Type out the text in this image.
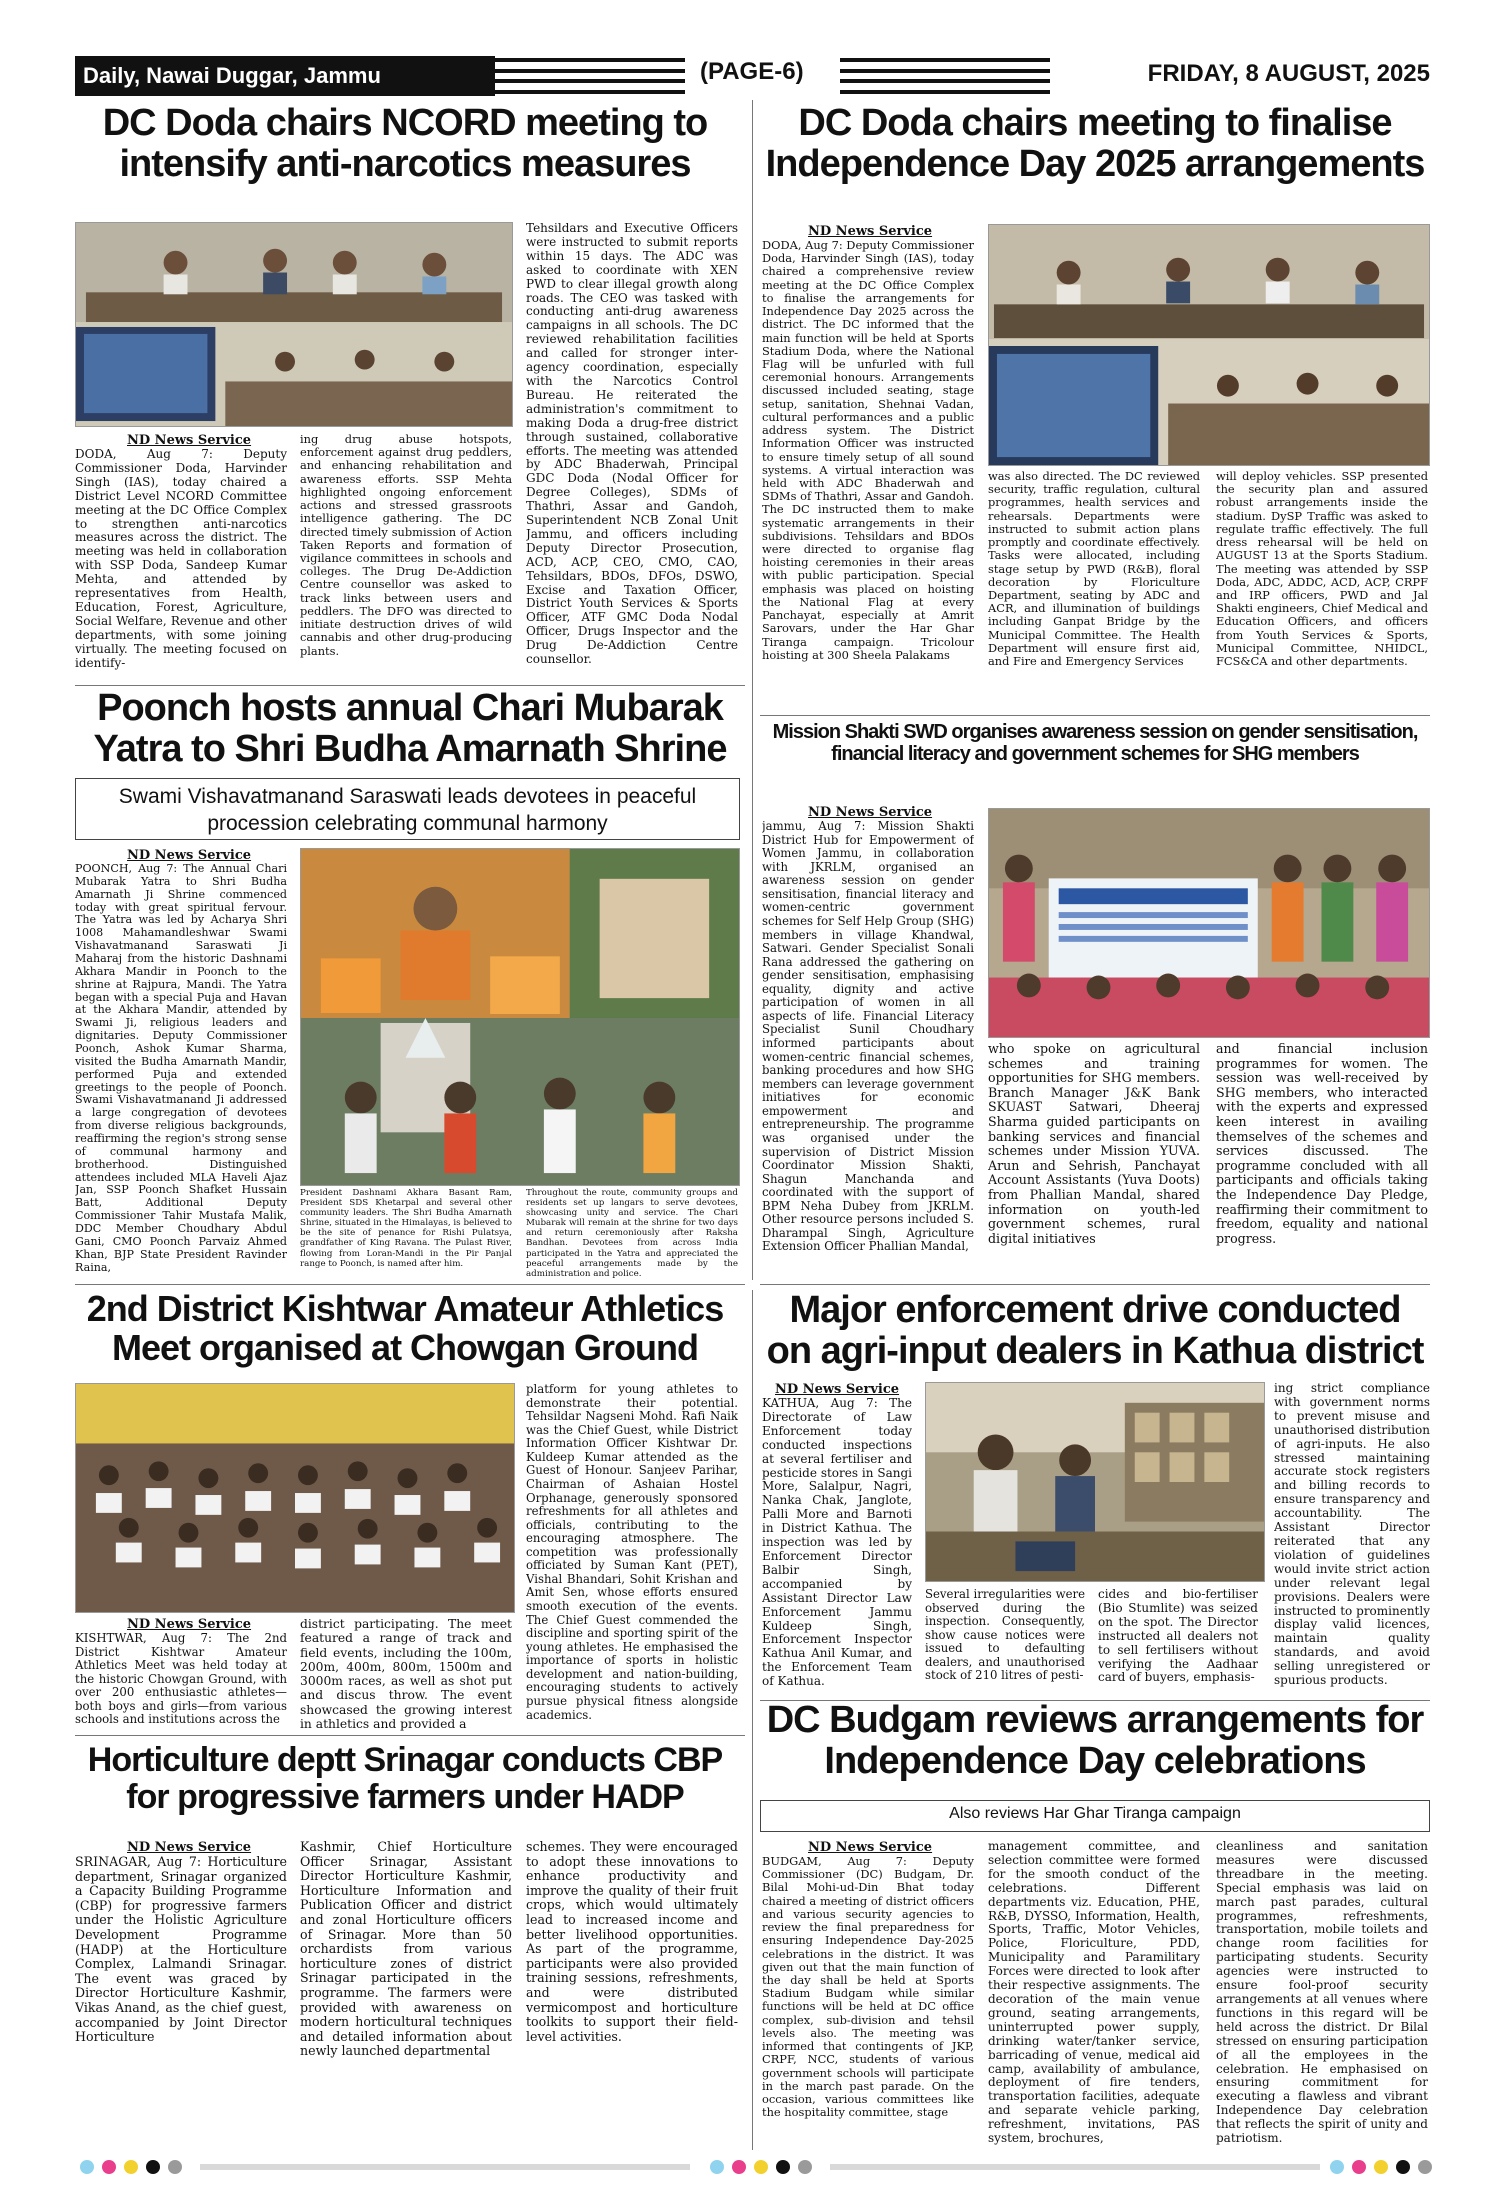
Daily, Nawai Duggar, Jammu	(PAGE-6)	FRIDAY, 8 AUGUST, 2025
DC Doda chairs NCORD meeting to intensify anti-narcotics measures
ND News Service
DODA, Aug 7: Deputy Commissioner Doda, Harvinder Singh (IAS), today chaired a District Level NCORD Committee meeting at the DC Office Complex to strengthen anti-narcotics measures across the district. The meeting was held in collaboration with SSP Doda, Sandeep Kumar Mehta, and attended by representatives from Health, Education, Forest, Agriculture, Social Welfare, Revenue and other departments, with some joining virtually. The meeting focused on identify-
ing drug abuse hotspots, enforcement against drug peddlers, and enhancing rehabilitation and awareness efforts. SSP Mehta highlighted ongoing enforcement actions and stressed grassroots intelligence gathering. The DC directed timely submission of Action Taken Reports and formation of vigilance committees in schools and colleges. The Drug De-Addiction Centre counsellor was asked to track links between users and peddlers. The DFO was directed to initiate destruction drives of wild cannabis and other drug-producing plants.
Tehsildars and Executive Officers were instructed to submit reports within 15 days. The ADC was asked to coordinate with XEN PWD to clear illegal growth along roads. The CEO was tasked with conducting anti-drug awareness campaigns in all schools. The DC reviewed rehabilitation facilities and called for stronger inter-agency coordination, especially with the Narcotics Control Bureau. He reiterated the administration's commitment to making Doda a drug-free district through sustained, collaborative efforts. The meeting was attended by ADC Bhaderwah, Principal GDC Doda (Nodal Officer for Degree Colleges), SDMs of Thathri, Assar and Gandoh, Superintendent NCB Zonal Unit Jammu, and officers including Deputy Director Prosecution, ACD, ACP, CEO, CMO, CAO, Tehsildars, BDOs, DFOs, DSWO, Excise and Taxation Officer, District Youth Services & Sports Officer, ATF GMC Doda Nodal Officer, Drugs Inspector and the Drug De-Addiction Centre counsellor.
DC Doda chairs meeting to finalise Independence Day 2025 arrangements
ND News Service
DODA, Aug 7: Deputy Commissioner Doda, Harvinder Singh (IAS), today chaired a comprehensive review meeting at the DC Office Complex to finalise the arrangements for Independence Day 2025 across the district. The DC informed that the main function will be held at Sports Stadium Doda, where the National Flag will be unfurled with full ceremonial honours. Arrangements discussed included seating, stage setup, sanitation, Shehnai Vadan, cultural performances and a public address system. The District Information Officer was instructed to ensure timely setup of all sound systems. A virtual interaction was held with ADC Bhaderwah and SDMs of Thathri, Assar and Gandoh. The DC instructed them to make systematic arrangements in their subdivisions. Tehsildars and BDOs were directed to organise flag hoisting ceremonies in their areas with public participation. Special emphasis was placed on hoisting the National Flag at every Panchayat, especially at Amrit Sarovars, under the Har Ghar Tiranga campaign. Tricolour hoisting at 300 Sheela Palakams
was also directed. The DC reviewed security, traffic regulation, cultural programmes, health services and rehearsals. Departments were instructed to submit action plans promptly and coordinate effectively. Tasks were allocated, including stage setup by PWD (R&B), floral decoration by Floriculture Department, seating by ADC and ACR, and illumination of buildings including Ganpat Bridge by the Municipal Committee. The Health Department will ensure first aid, and Fire and Emergency Services
will deploy vehicles. SSP presented the security plan and assured robust arrangements inside the stadium. DySP Traffic was asked to regulate traffic effectively. The full dress rehearsal will be held on AUGUST 13 at the Sports Stadium. The meeting was attended by SSP Doda, ADC, ADDC, ACD, ACP, CRPF and IRP officers, PWD and Jal Shakti engineers, Chief Medical and Education Officers, and officers from Youth Services & Sports, Municipal Committee, NHIDCL, FCS&CA and other departments.
Poonch hosts annual Chari Mubarak Yatra to Shri Budha Amarnath Shrine
Swami Vishavatmanand Saraswati leads devotees in peaceful procession celebrating communal harmony
ND News Service
POONCH, Aug 7: The Annual Chari Mubarak Yatra to Shri Budha Amarnath Ji Shrine commenced today with great spiritual fervour. The Yatra was led by Acharya Shri 1008 Mahamandleshwar Swami Vishavatmanand Saraswati Ji Maharaj from the historic Dashnami Akhara Mandir in Poonch to the shrine at Rajpura, Mandi. The Yatra began with a special Puja and Havan at the Akhara Mandir, attended by Swami Ji, religious leaders and dignitaries. Deputy Commissioner Poonch, Ashok Kumar Sharma, visited the Budha Amarnath Mandir, performed Puja and extended greetings to the people of Poonch. Swami Vishavatmanand Ji addressed a large congregation of devotees from diverse religious backgrounds, reaffirming the region's strong sense of communal harmony and brotherhood. Distinguished attendees included MLA Haveli Ajaz Jan, SSP Poonch Shafket Hussain Batt, Additional Deputy Commissioner Tahir Mustafa Malik, DDC Member Choudhary Abdul Gani, CMO Poonch Parvaiz Ahmed Khan, BJP State President Ravinder Raina,
President Dashnami Akhara Basant Ram, President SDS Khetarpal and several other community leaders. The Shri Budha Amarnath Shrine, situated in the Himalayas, is believed to be the site of penance for Rishi Pulatsya, grandfather of King Ravana. The Pulast River, flowing from Loran-Mandi in the Pir Panjal range to Poonch, is named after him.
Throughout the route, community groups and residents set up langars to serve devotees, showcasing unity and service. The Chari Mubarak will remain at the shrine for two days and return ceremoniously after Raksha Bandhan. Devotees from across India participated in the Yatra and appreciated the peaceful arrangements made by the administration and police.
Mission Shakti SWD organises awareness session on gender sensitisation, financial literacy and government schemes for SHG members
ND News Service
jammu, Aug 7: Mission Shakti District Hub for Empowerment of Women Jammu, in collaboration with JKRLM, organised an awareness session on gender sensitisation, financial literacy and women-centric government schemes for Self Help Group (SHG) members in village Khandwal, Satwari. Gender Specialist Sonali Rana addressed the gathering on gender sensitisation, emphasising equality, dignity and active participation of women in all aspects of life. Financial Literacy Specialist Sunil Choudhary informed participants about women-centric financial schemes, banking procedures and how SHG members can leverage government initiatives for economic empowerment and entrepreneurship. The programme was organised under the supervision of District Mission Coordinator Mission Shakti, Shagun Manchanda and coordinated with the support of BPM Neha Dubey from JKRLM. Other resource persons included S. Dharampal Singh, Agriculture Extension Officer Phallian Mandal,
who spoke on agricultural schemes and training opportunities for SHG members. Branch Manager J&K Bank SKUAST Satwari, Dheeraj Sharma guided participants on banking services and financial schemes under Mission YUVA. Arun and Sehrish, Panchayat Account Assistants (Yuva Doots) from Phallian Mandal, shared information on youth-led government schemes, rural digital initiatives
and financial inclusion programmes for women. The session was well-received by SHG members, who interacted with the experts and expressed keen interest in availing themselves of the schemes and services discussed. The programme concluded with all participants and officials taking the Independence Day Pledge, reaffirming their commitment to freedom, equality and national progress.
2nd District Kishtwar Amateur Athletics Meet organised at Chowgan Ground
ND News Service
KISHTWAR, Aug 7: The 2nd District Kishtwar Amateur Athletics Meet was held today at the historic Chowgan Ground, with over 200 enthusiastic athletes—both boys and girls—from various schools and institutions across the
district participating. The meet featured a range of track and field events, including the 100m, 200m, 400m, 800m, 1500m and 3000m races, as well as shot put and discus throw. The event showcased the growing interest in athletics and provided a
platform for young athletes to demonstrate their potential. Tehsildar Nagseni Mohd. Rafi Naik was the Chief Guest, while District Information Officer Kishtwar Dr. Kuldeep Kumar attended as the Guest of Honour. Sanjeev Parihar, Chairman of Ashaian Hostel Orphanage, generously sponsored refreshments for all athletes and officials, contributing to the encouraging atmosphere. The competition was professionally officiated by Suman Kant (PET), Vishal Bhandari, Sohit Krishan and Amit Sen, whose efforts ensured smooth execution of the events. The Chief Guest commended the discipline and sporting spirit of the young athletes. He emphasised the importance of sports in holistic development and nation-building, encouraging students to actively pursue physical fitness alongside academics.
Major enforcement drive conducted on agri-input dealers in Kathua district
ND News Service
KATHUA, Aug 7: The Directorate of Law Enforcement today conducted inspections at several fertiliser and pesticide stores in Sangi More, Salalpur, Nagri, Nanka Chak, Janglote, Palli More and Barnoti in District Kathua. The inspection was led by Enforcement Director Balbir Singh, accompanied by Assistant Director Law Enforcement Jammu Kuldeep Singh, Enforcement Inspector Kathua Anil Kumar, and the Enforcement Team of Kathua.
Several irregularities were observed during the inspection. Consequently, show cause notices were issued to defaulting dealers, and unauthorised stock of 210 litres of pesti-
cides and bio-fertiliser (Bio Stumlite) was seized on the spot. The Director instructed all dealers not to sell fertilisers without verifying the Aadhaar card of buyers, emphasis-
ing strict compliance with government norms to prevent misuse and unauthorised distribution of agri-inputs. He also stressed maintaining accurate stock registers and billing records to ensure transparency and accountability. The Assistant Director reiterated that any violation of guidelines would invite strict action under relevant legal provisions. Dealers were instructed to prominently display valid licences, maintain quality standards, and avoid selling unregistered or spurious products.
DC Budgam reviews arrangements for Independence Day celebrations
Also reviews Har Ghar Tiranga campaign
ND News Service
BUDGAM, Aug 7: Deputy Commissioner (DC) Budgam, Dr. Bilal Mohi-ud-Din Bhat today chaired a meeting of district officers and various security agencies to review the final preparedness for ensuring Independence Day-2025 celebrations in the district. It was given out that the main function of the day shall be held at Sports Stadium Budgam while similar functions will be held at DC office complex, sub-division and tehsil levels also. The meeting was informed that contingents of JKP, CRPF, NCC, students of various government schools will participate in the march past parade. On the occasion, various committees like the hospitality committee, stage
management committee, and selection committee were formed for the smooth conduct of the celebrations. Different departments viz. Education, PHE, R&B, DYSSO, Information, Health, Sports, Traffic, Motor Vehicles, Police, Floriculture, PDD, Municipality and Paramilitary Forces were directed to look after their respective assignments. The decoration of the main venue ground, seating arrangements, uninterrupted power supply, drinking water/tanker service, barricading of venue, medical aid camp, availability of ambulance, deployment of fire tenders, transportation facilities, adequate and separate vehicle parking, refreshment, invitations, PAS system, brochures,
cleanliness and sanitation measures were discussed threadbare in the meeting. Special emphasis was laid on march past parades, cultural programmes, refreshments, transportation, mobile toilets and change room facilities for participating students. Security agencies were instructed to ensure fool-proof security arrangements at all venues where functions in this regard will be held across the district. Dr Bilal stressed on ensuring participation of all the employees in the celebration. He emphasised on ensuring commitment for executing a flawless and vibrant Independence Day celebration that reflects the spirit of unity and patriotism.
Horticulture deptt Srinagar conducts CBP for progressive farmers under HADP
ND News Service
SRINAGAR, Aug 7: Horticulture department, Srinagar organized a Capacity Building Programme (CBP) for progressive farmers under the Holistic Agriculture Development Programme (HADP) at the Horticulture Complex, Lalmandi Srinagar. The event was graced by Director Horticulture Kashmir, Vikas Anand, as the chief guest, accompanied by Joint Director Horticulture
Kashmir, Chief Horticulture Officer Srinagar, Assistant Director Horticulture Kashmir, Horticulture Information and Publication Officer and district and zonal Horticulture officers of Srinagar. More than 50 orchardists from various horticulture zones of district Srinagar participated in the programme. The farmers were provided with awareness on modern horticultural techniques and detailed information about newly launched departmental
schemes. They were encouraged to adopt these innovations to enhance productivity and improve the quality of their fruit crops, which would ultimately lead to increased income and better livelihood opportunities. As part of the programme, participants were also provided training sessions, refreshments, and were distributed vermicompost and horticulture toolkits to support their field-level activities.
